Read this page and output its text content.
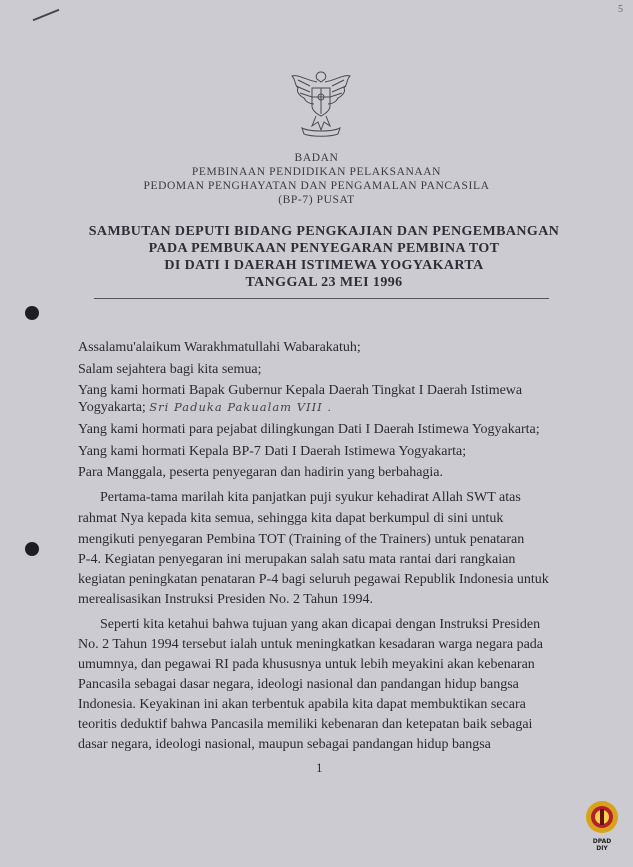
5
BADAN
PEMBINAAN PENDIDIKAN PELAKSANAAN
PEDOMAN PENGHAYATAN DAN PENGAMALAN PANCASILA
(BP-7) PUSAT
SAMBUTAN DEPUTI BIDANG PENGKAJIAN DAN PENGEMBANGAN
PADA PEMBUKAAN PENYEGARAN PEMBINA TOT
DI DATI I DAERAH ISTIMEWA YOGYAKARTA
TANGGAL 23 MEI 1996
Assalamu'alaikum Warakhmatullahi Wabarakatuh;
Salam sejahtera bagi kita semua;
Yang kami hormati Bapak Gubernur Kepala Daerah Tingkat I Daerah Istimewa
Yogyakarta; Sri Paduka Pakualam VIII .
Yang kami hormati para pejabat dilingkungan Dati I Daerah Istimewa Yogyakarta;
Yang kami hormati Kepala BP-7 Dati I Daerah Istimewa Yogyakarta;
Para Manggala, peserta penyegaran dan hadirin yang berbahagia.
Pertama-tama marilah kita panjatkan puji syukur kehadirat Allah SWT atas
rahmat Nya kepada kita semua, sehingga kita dapat berkumpul di sini untuk
mengikuti penyegaran Pembina TOT (Training of the Trainers) untuk penataran
P-4. Kegiatan penyegaran ini merupakan salah satu mata rantai dari rangkaian
kegiatan peningkatan penataran P-4 bagi seluruh pegawai Republik Indonesia untuk
merealisasikan Instruksi Presiden No. 2 Tahun 1994.
Seperti kita ketahui bahwa tujuan yang akan dicapai dengan Instruksi Presiden
No. 2 Tahun 1994 tersebut ialah untuk meningkatkan kesadaran warga negara pada
umumnya, dan pegawai RI pada khususnya untuk lebih meyakini akan kebenaran
Pancasila sebagai dasar negara, ideologi nasional dan pandangan hidup bangsa
Indonesia. Keyakinan ini akan terbentuk apabila kita dapat membuktikan secara
teoritis deduktif bahwa Pancasila memiliki kebenaran dan ketepatan baik sebagai
dasar negara, ideologi nasional, maupun sebagai pandangan hidup bangsa
1
DPAD
DIY
